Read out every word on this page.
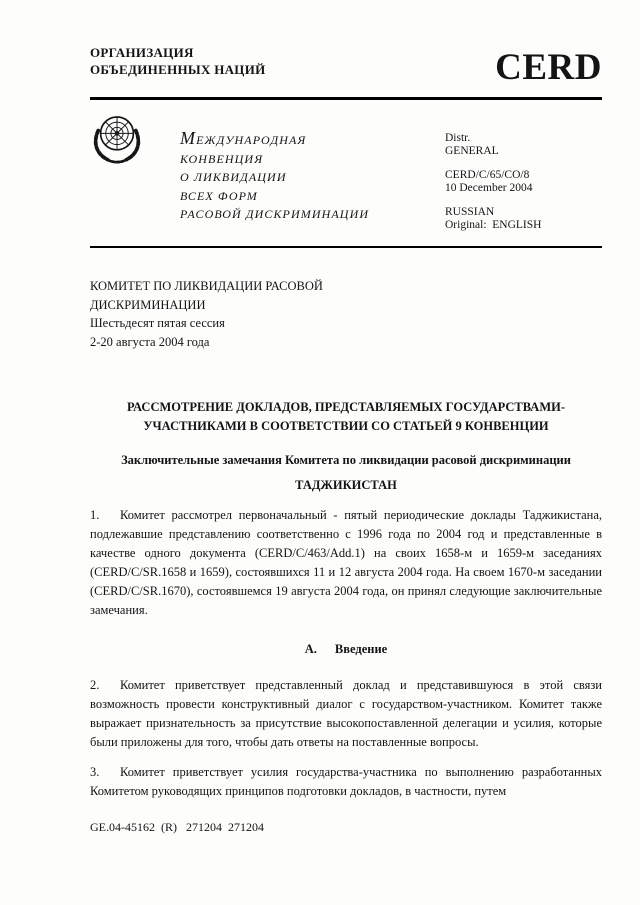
ОРГАНИЗАЦИЯ
ОБЪЕДИНЕННЫХ НАЦИЙ	CERD
МЕЖДУНАРОДНАЯ
КОНВЕНЦИЯ
О ЛИКВИДАЦИИ
ВСЕХ ФОРМ
РАСОВОЙ ДИСКРИМИНАЦИИ
Distr.
GENERAL
CERD/C/65/CO/8
10 December 2004
RUSSIAN
Original:  ENGLISH
КОМИТЕТ ПО ЛИКВИДАЦИИ РАСОВОЙ
ДИСКРИМИНАЦИИ
Шестьдесят пятая сессия
2-20 августа 2004 года
РАССМОТРЕНИЕ ДОКЛАДОВ, ПРЕДСТАВЛЯЕМЫХ ГОСУДАРСТВАМИ-
УЧАСТНИКАМИ В СООТВЕТСТВИИ СО СТАТЬЕЙ 9 КОНВЕНЦИИ
Заключительные замечания Комитета по ликвидации расовой дискриминации
ТАДЖИКИСТАН
1. Комитет рассмотрел первоначальный - пятый периодические доклады Таджикистана, подлежавшие представлению соответственно с 1996 года по 2004 год и представленные в качестве одного документа (CERD/C/463/Add.1) на своих 1658-м и 1659-м заседаниях (CERD/C/SR.1658 и 1659), состоявшихся 11 и 12 августа 2004 года. На своем 1670-м заседании (CERD/C/SR.1670), состоявшемся 19 августа 2004 года, он принял следующие заключительные замечания.
A. Введение
2. Комитет приветствует представленный доклад и представившуюся в этой связи возможность провести конструктивный диалог с государством-участником. Комитет также выражает признательность за присутствие высокопоставленной делегации и усилия, которые были приложены для того, чтобы дать ответы на поставленные вопросы.
3. Комитет приветствует усилия государства-участника по выполнению разработанных Комитетом руководящих принципов подготовки докладов, в частности, путем
GE.04-45162  (R)   271204  271204
